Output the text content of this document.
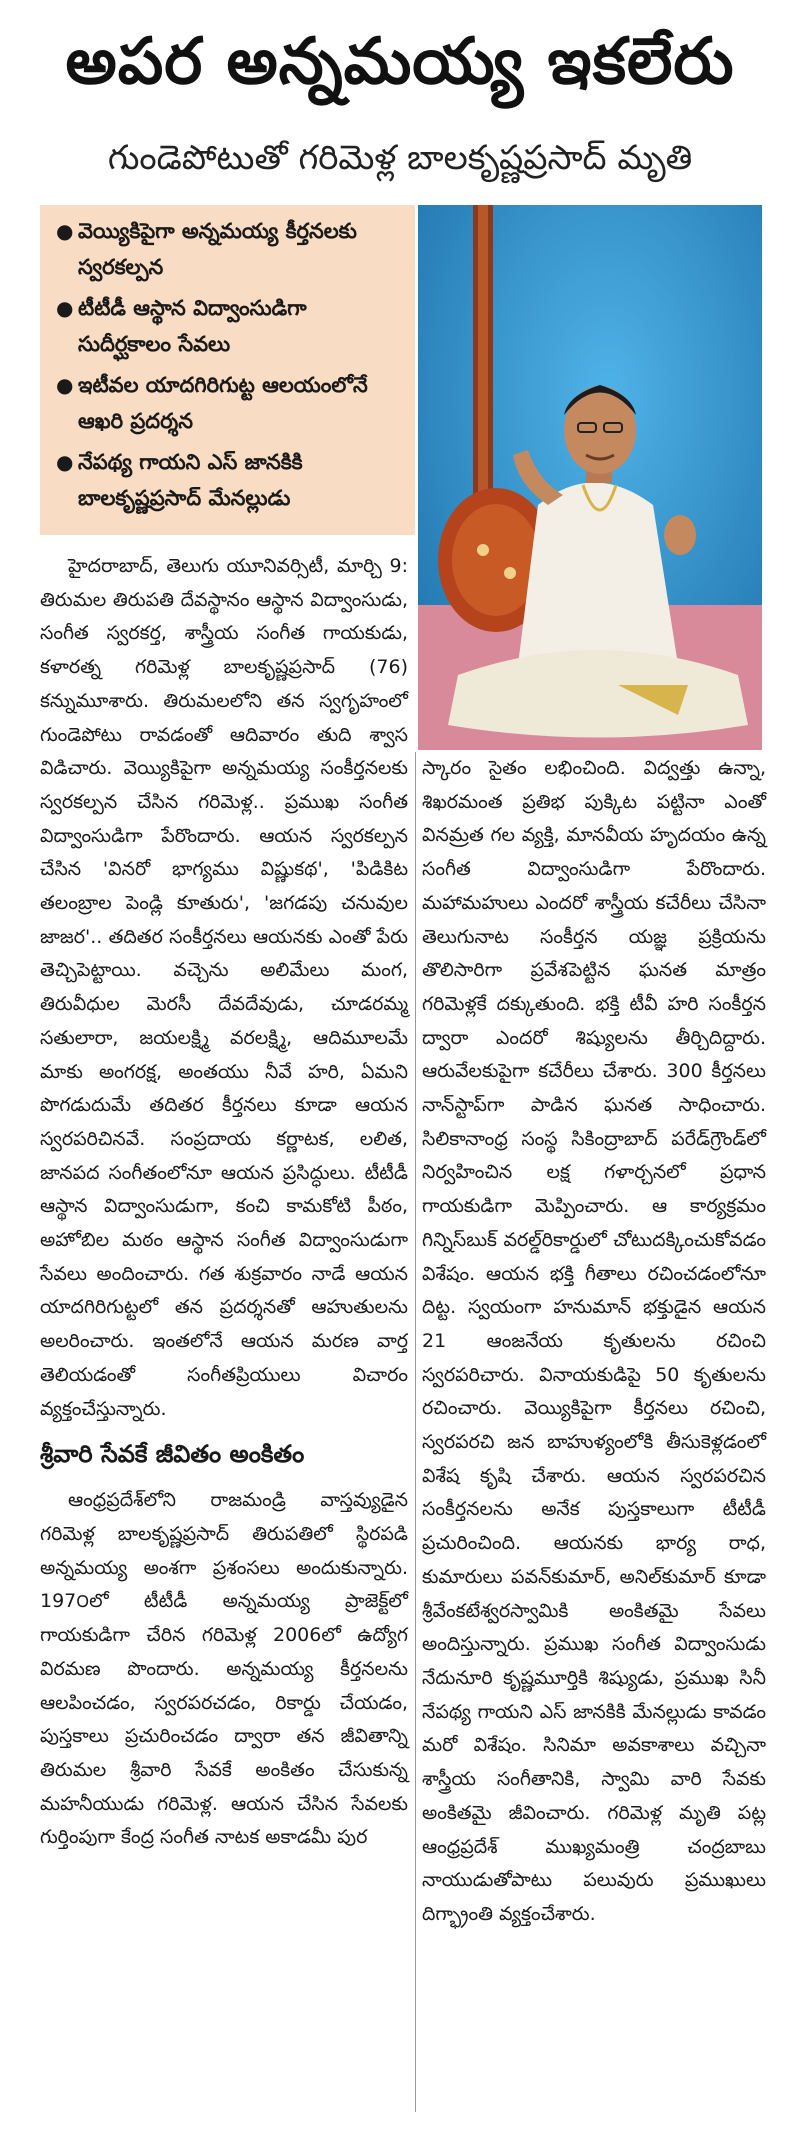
అపర అన్నమయ్య ఇకలేరు
గుండెపోటుతో గరిమెళ్ల బాలకృష్ణప్రసాద్ మృతి
● వెయ్యికిపైగా అన్నమయ్య కీర్తనలకు స్వరకల్పన
● టీటీడీ ఆస్థాన విద్వాంసుడిగా సుదీర్ఘకాలం సేవలు
● ఇటీవల యాదగిరిగుట్ట ఆలయంలోనే ఆఖరి ప్రదర్శన
● నేపథ్య గాయని ఎస్ జానకికి బాలకృష్ణప్రసాద్ మేనల్లుడు

హైదరాబాద్, తెలుగు యూనివర్సిటీ, మార్చి 9: తిరుమల తిరుపతి దేవస్థానం ఆస్థాన విద్వాంసుడు, సంగీత స్వరకర్త, శాస్త్రీయ సంగీత గాయకుడు, కళారత్న గరిమెళ్ల బాలకృష్ణప్రసాద్ (76) కన్నుమూశారు. తిరుమలలోని తన స్వగృహంలో గుండెపోటు రావడంతో ఆదివారం తుది శ్వాస విడిచారు. వెయ్యికిపైగా అన్నమయ్య సంకీర్తనలకు స్వరకల్పన చేసిన గరిమెళ్ల.. ప్రముఖ సంగీత విద్వాంసుడిగా పేరొందారు. ఆయన స్వరకల్పన చేసిన 'వినరో భాగ్యము విష్ణుకథ', 'పిడికిట తలంబ్రాల పెండ్లి కూతురు', 'జగడపు చనువుల జాజర'.. తదితర సంకీర్తనలు ఆయనకు ఎంతో పేరు తెచ్చిపెట్టాయి. వచ్చెను అలిమేలు మంగ, తిరువీధుల మెరసీ దేవదేవుడు, చూడరమ్మ సతులారా, జయలక్ష్మి వరలక్ష్మి, ఆదిమూలమే మాకు అంగరక్ష, అంతయు నీవే హరి, ఏమని పొగడుదుమే తదితర కీర్తనలు కూడా ఆయన స్వరపరిచినవే. సంప్రదాయ కర్ణాటక, లలిత, జానపద సంగీతంలోనూ ఆయన ప్రసిద్ధులు. టీటీడీ ఆస్థాన విద్వాంసుడుగా, కంచి కామకోటి పీఠం, అహోబిల మఠం ఆస్థాన సంగీత విద్వాంసుడుగా సేవలు అందించారు. గత శుక్రవారం నాడే ఆయన యాదగిరిగుట్టలో తన ప్రదర్శనతో ఆహుతులను అలరించారు. ఇంతలోనే ఆయన మరణ వార్త తెలియడంతో సంగీతప్రియులు విచారం వ్యక్తంచేస్తున్నారు.

శ్రీవారి సేవకే జీవితం అంకితం

ఆంధ్రప్రదేశ్‌లోని రాజమండ్రి వాస్తవ్యుడైన గరిమెళ్ల బాలకృష్ణప్రసాద్ తిరుపతిలో స్థిరపడి అన్నమయ్య అంశగా ప్రశంసలు అందుకున్నారు. 197౦లో టీటీడీ అన్నమయ్య ప్రాజెక్ట్‌లో గాయకుడిగా చేరిన గరిమెళ్ల 2006లో ఉద్యోగ విరమణ పొందారు. అన్నమయ్య కీర్తనలను ఆలపించడం, స్వరపరచడం, రికార్డు చేయడం, పుస్తకాలు ప్రచురించడం ద్వారా తన జీవితాన్ని తిరుమల శ్రీవారి సేవకే అంకితం చేసుకున్న మహనీయుడు గరిమెళ్ల. ఆయన చేసిన సేవలకు గుర్తింపుగా కేంద్ర సంగీత నాటక అకాడమీ పుర

స్కారం సైతం లభించింది. విద్వత్తు ఉన్నా, శిఖరమంత ప్రతిభ పుక్కిట పట్టినా ఎంతో వినమ్రత గల వ్యక్తి, మానవీయ హృదయం ఉన్న సంగీత విద్వాంసుడిగా పేరొందారు. మహామహులు ఎందరో శాస్త్రీయ కచేరీలు చేసినా తెలుగునాట సంకీర్తన యజ్ఞ ప్రక్రియను తొలిసారిగా ప్రవేశపెట్టిన ఘనత మాత్రం గరిమెళ్లకే దక్కుతుంది. భక్తి టీవీ హరి సంకీర్తన ద్వారా ఎందరో శిష్యులను తీర్చిదిద్దారు. ఆరువేలకుపైగా కచేరీలు చేశారు. 300 కీర్తనలు నాన్‌స్టాప్‌గా పాడిన ఘనత సాధించారు. సిలికానాంధ్ర సంస్థ సికింద్రాబాద్ పరేడ్‌గ్రౌండ్‌లో నిర్వహించిన లక్ష గళార్చనలో ప్రధాన గాయకుడిగా మెప్పించారు. ఆ కార్యక్రమం గిన్నిస్‌బుక్ వరల్డ్‌రికార్డులో చోటుదక్కించుకోవడం విశేషం. ఆయన భక్తి గీతాలు రచించడంలోనూ దిట్ట. స్వయంగా హనుమాన్ భక్తుడైన ఆయన 21 ఆంజనేయ కృతులను రచించి స్వరపరిచారు. వినాయకుడిపై 50 కృతులను రచించారు. వెయ్యికిపైగా కీర్తనలు రచించి, స్వరపరచి జన బాహుళ్యంలోకి తీసుకెళ్లడంలో విశేష కృషి చేశారు. ఆయన స్వరపరచిన సంకీర్తనలను అనేక పుస్తకాలుగా టీటీడీ ప్రచురించింది. ఆయనకు భార్య రాధ, కుమారులు పవన్‌కుమార్, అనిల్‌కుమార్ కూడా శ్రీవేంకటేశ్వరస్వామికి అంకితమై సేవలు అందిస్తున్నారు. ప్రముఖ సంగీత విద్వాంసుడు నేదునూరి కృష్ణమూర్తికి శిష్యుడు, ప్రముఖ సినీ నేపథ్య గాయని ఎస్ జానకికి మేనల్లుడు కావడం మరో విశేషం. సినిమా అవకాశాలు వచ్చినా శాస్త్రీయ సంగీతానికి, స్వామి వారి సేవకు అంకితమై జీవించారు. గరిమెళ్ల మృతి పట్ల ఆంధ్రప్రదేశ్ ముఖ్యమంత్రి చంద్రబాబు నాయుడుతోపాటు పలువురు ప్రముఖులు దిగ్భ్రాంతి వ్యక్తంచేశారు.
